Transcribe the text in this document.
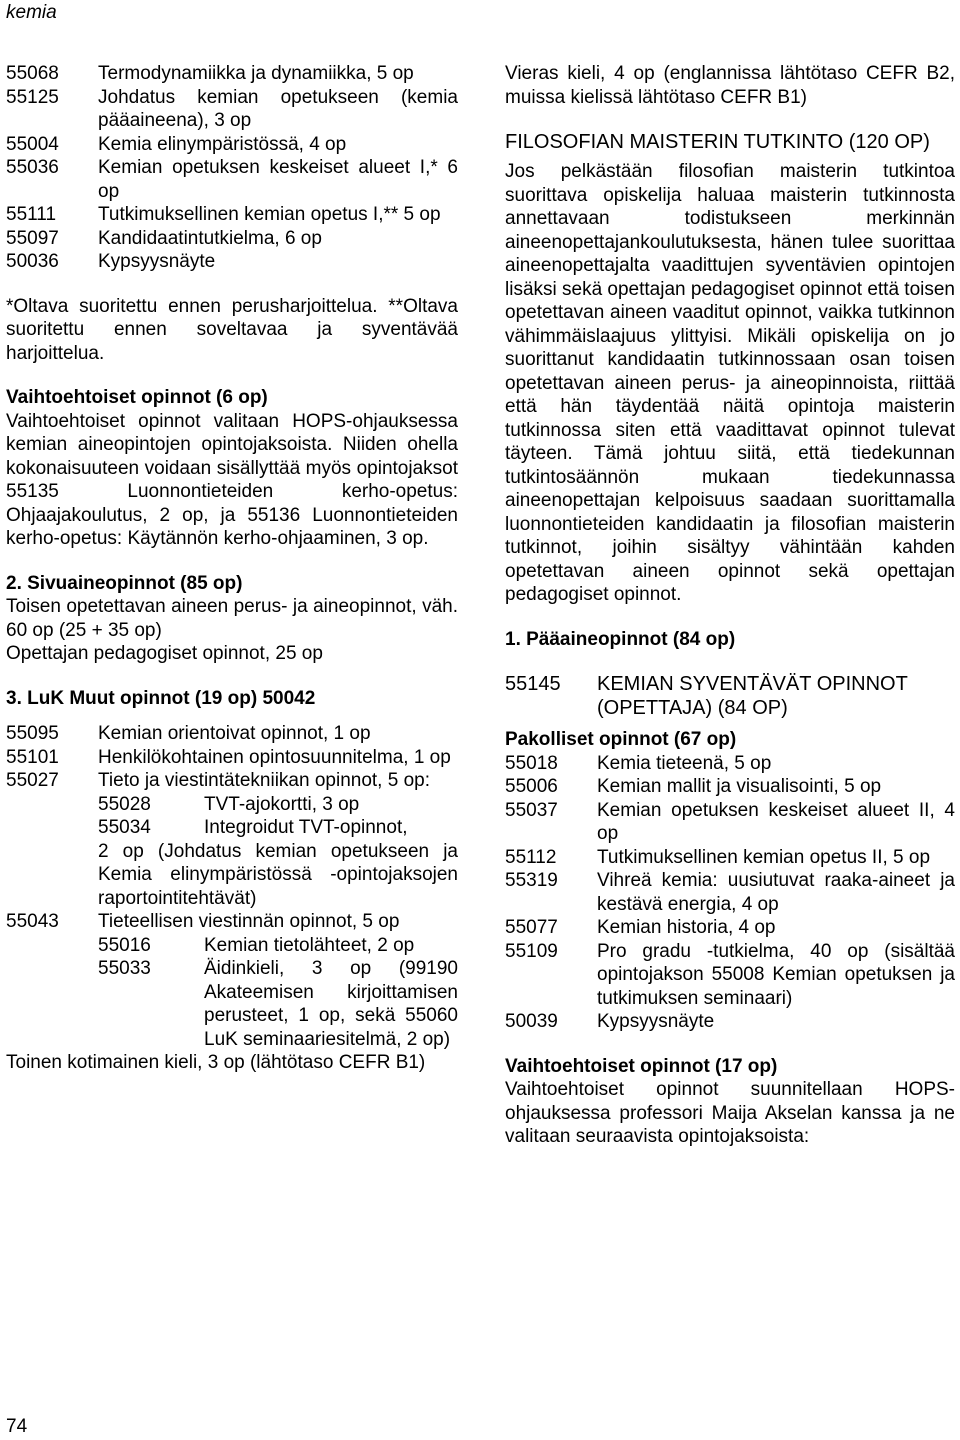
kemia
55068	Termodynamiikka ja dynamiikka, 5 op
55125	Johdatus kemian opetukseen (kemia pääaineena), 3 op
55004	Kemia elinympäristössä, 4 op
55036	Kemian opetuksen keskeiset alueet I,* 6 op
55111	Tutkimuksellinen kemian opetus I,** 5 op
55097	Kandidaatintutkielma, 6 op
50036	Kypsyysnäyte

*Oltava suoritettu ennen perusharjoittelua. **Oltava suoritettu ennen soveltavaa ja syventävää harjoittelua.

Vaihtoehtoiset opinnot (6 op)

Vaihtoehtoiset opinnot valitaan HOPS-ohjauksessa kemian aineopintojen opintojaksoista. Niiden ohella kokonaisuuteen voidaan sisällyttää myös opintojaksot 55135 Luonnontieteiden kerho-opetus: Ohjaajakoulutus, 2 op, ja 55136 Luonnontieteiden kerho-opetus: Käytännön kerho-ohjaaminen, 3 op.

2. Sivuaineopinnot (85 op)

Toisen opetettavan aineen perus- ja aineopinnot, väh. 60 op (25 + 35 op)

Opettajan pedagogiset opinnot, 25 op

3. LuK Muut opinnot (19 op) 50042
55095	Kemian orientoivat opinnot, 1 op
55101	Henkilökohtainen opintosuunnitelma, 1 op
55027	Tieto ja viestintätekniikan opinnot, 5 op:
55028	TVT-ajokortti, 3 op
55034	Integroidut TVT-opinnot,
2 op (Johdatus kemian opetukseen ja Kemia elinympäristössä -opintojaksojen raportointitehtävät)
55043	Tieteellisen viestinnän opinnot, 5 op
55016	Kemian tietolähteet, 2 op
55033	Äidinkieli, 3 op (99190 Akateemisen kirjoittamisen perusteet, 1 op, sekä 55060 LuK seminaariesitelmä, 2 op)

Toinen kotimainen kieli, 3 op (lähtötaso CEFR B1)

Vieras kieli, 4 op (englannissa lähtötaso CEFR B2, muissa kielissä lähtötaso CEFR B1)

FILOSOFIAN MAISTERIN TUTKINTO (120 OP)

Jos pelkästään filosofian maisterin tutkintoa suorittava opiskelija haluaa maisterin tutkinnosta annettavaan todistukseen merkinnän aineenopettajankoulutuksesta, hänen tulee suorittaa aineenopettajalta vaadittujen syventävien opintojen lisäksi sekä opettajan pedagogiset opinnot että toisen opetettavan aineen vaaditut opinnot, vaikka tutkinnon vähimmäislaajuus ylittyisi. Mikäli opiskelija on jo suorittanut kandidaatin tutkinnossaan osan toisen opetettavan aineen perus- ja aineopinnoista, riittää että hän täydentää näitä opintoja maisterin tutkinnossa siten että vaadittavat opinnot tulevat täyteen. Tämä johtuu siitä, että tiedekunnan tutkintosäännön mukaan tiedekunnassa aineenopettajan kelpoisuus saadaan suorittamalla luonnontieteiden kandidaatin ja filosofian maisterin tutkinnot, joihin sisältyy vähintään kahden opetettavan aineen opinnot sekä opettajan pedagogiset opinnot.

1. Pääaineopinnot (84 op)
55145	KEMIAN SYVENTÄVÄT OPINNOT (OPETTAJA) (84 OP)
Pakolliset opinnot (67 op)
55018	Kemia tieteenä, 5 op
55006	Kemian mallit ja visualisointi, 5 op
55037	Kemian opetuksen keskeiset alueet II, 4 op
55112	Tutkimuksellinen kemian opetus II, 5 op
55319	Vihreä kemia: uusiutuvat raaka-aineet ja kestävä energia, 4 op
55077	Kemian historia, 4 op
55109	Pro gradu -tutkielma, 40 op (sisältää opintojakson 55008 Kemian opetuksen ja tutkimuksen seminaari)
50039	Kypsyysnäyte
Vaihtoehtoiset opinnot (17 op)

Vaihtoehtoiset opinnot suunnitellaan HOPS-ohjauksessa professori Maija Akselan kanssa ja ne valitaan seuraavista opintojaksoista:

74
